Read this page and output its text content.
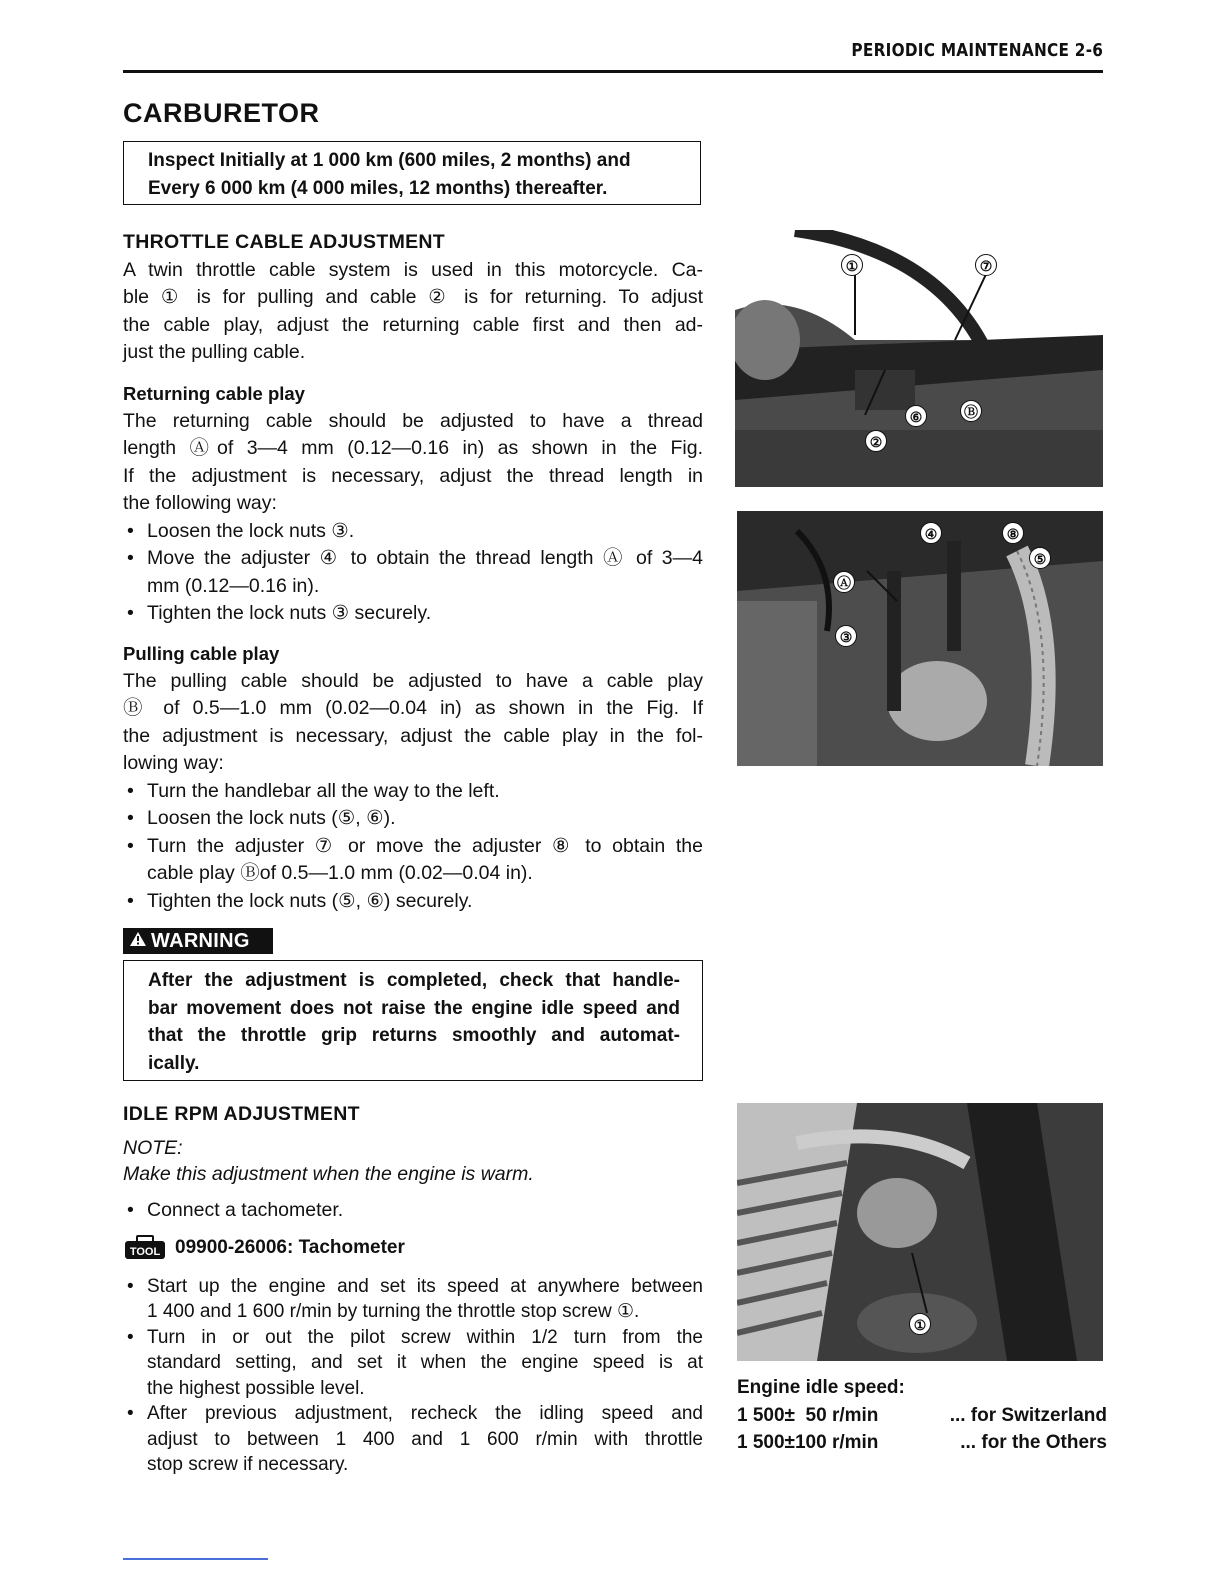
PERIODIC MAINTENANCE 2-6
CARBURETOR
Inspect Initially at 1 000 km (600 miles, 2 months) and
Every 6 000 km (4 000 miles, 12 months) thereafter.
THROTTLE CABLE ADJUSTMENT
A twin throttle cable system is used in this motorcycle. Ca-
ble ① is for pulling and cable ② is for returning. To adjust
the cable play, adjust the returning cable first and then ad-
just the pulling cable.
Returning cable play
The returning cable should be adjusted to have a thread
length Ⓐof 3—4 mm (0.12—0.16 in) as shown in the Fig.
If the adjustment is necessary, adjust the thread length in
the following way:
• Loosen the lock nuts ③.
• Move the adjuster ④ to obtain the thread length Ⓐ of 3—4
mm (0.12—0.16 in).
• Tighten the lock nuts ③ securely.
Pulling cable play
The pulling cable should be adjusted to have a cable play
Ⓑ of 0.5—1.0 mm (0.02—0.04 in) as shown in the Fig. If
the adjustment is necessary, adjust the cable play in the fol-
lowing way:
• Turn the handlebar all the way to the left.
• Loosen the lock nuts (⑤, ⑥).
• Turn the adjuster ⑦ or move the adjuster ⑧ to obtain the
cable play Ⓑof 0.5—1.0 mm (0.02—0.04 in).
• Tighten the lock nuts (⑤, ⑥) securely.
WARNING
After the adjustment is completed, check that handle-
bar movement does not raise the engine idle speed and
that the throttle grip returns smoothly and automat-
ically.
IDLE RPM ADJUSTMENT
NOTE:
Make this adjustment when the engine is warm.
• Connect a tachometer.
TOOL 09900-26006: Tachometer
• Start up the engine and set its speed at anywhere between
1 400 and 1 600 r/min by turning the throttle stop screw ①.
• Turn in or out the pilot screw within 1/2 turn from the
standard setting, and set it when the engine speed is at
the highest possible level.
• After previous adjustment, recheck the idling speed and
adjust to between 1 400 and 1 600 r/min with throttle
stop screw if necessary.
①	⑦
⑥	Ⓑ
②
④	⑧
⑤
Ⓐ
③
①
Engine idle speed:
1 500±  50 r/min	... for Switzerland
1 500±100 r/min	... for the Others
